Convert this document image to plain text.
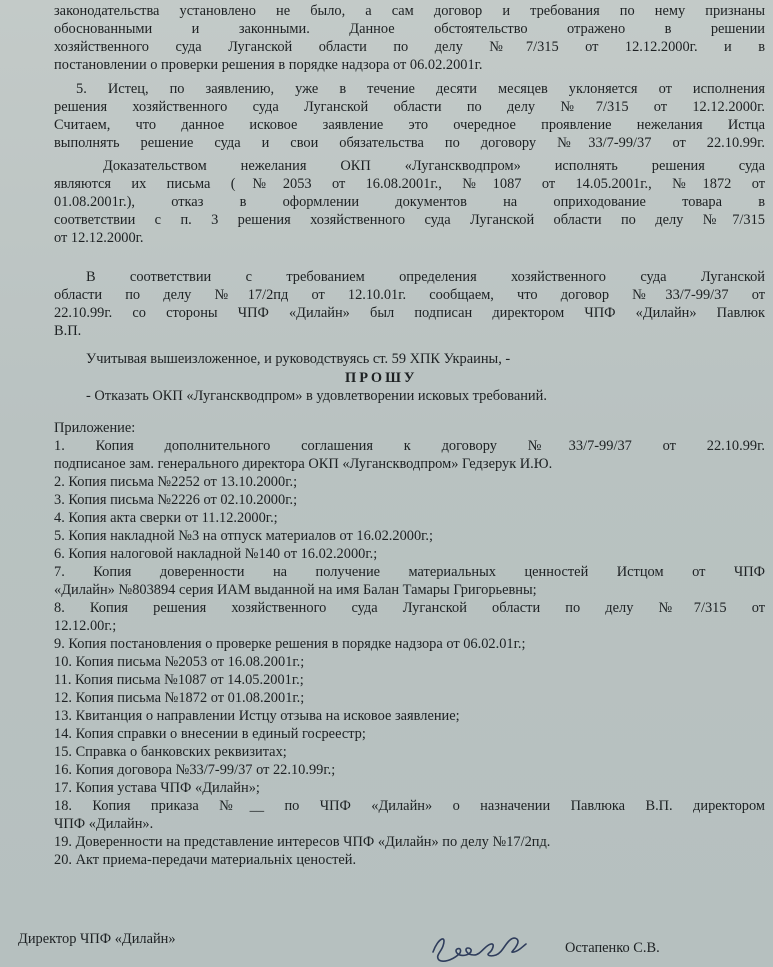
законодательства установлено не было, а сам договор и требования по нему признаны
обоснованными и законными. Данное обстоятельство отражено в решении
хозяйственного суда Луганской области по делу №7/315 от 12.12.2000г. и в
постановлении о проверки решения в порядке надзора от 06.02.2001г.
5. Истец, по заявлению, уже в течение десяти месяцев уклоняется от исполнения
решения хозяйственного суда Луганской области по делу №7/315 от 12.12.2000г.
Считаем, что данное исковое заявление это очередное проявление нежелания Истца
выполнять решение суда и свои обязательства по договору №33/7-99/37 от 22.10.99г.
Доказательством нежелания ОКП «Луганскводпром» исполнять решения суда
являются их письма (№2053 от 16.08.2001г., №1087 от 14.05.2001г., №1872 от
01.08.2001г.), отказ в оформлении документов на оприходование товара в
соответствии с п. 3 решения хозяйственного суда Луганской области по делу №7/315
от 12.12.2000г.
В соответствии с требованием определения хозяйственного суда Луганской
области по делу №17/2пд от 12.10.01г. сообщаем, что договор №33/7-99/37 от
22.10.99г. со стороны ЧПФ «Дилайн» был подписан директором ЧПФ «Дилайн» Павлюк
В.П.
Учитывая вышеизложенное, и руководствуясь ст. 59 ХПК Украины, -
ПРОШУ
- Отказать ОКП «Луганскводпром» в удовлетворении исковых требований.
Приложение:
1. Копия дополнительного соглашения к договору №33/7-99/37 от 22.10.99г.
подписаное зам. генерального директора ОКП «Луганскводпром» Гедзерук И.Ю.
2. Копия письма №2252 от 13.10.2000г.;
3. Копия письма №2226 от 02.10.2000г.;
4. Копия акта сверки от 11.12.2000г.;
5. Копия накладной №3 на отпуск материалов от 16.02.2000г.;
6. Копия налоговой накладной №140 от 16.02.2000г.;
7. Копия доверенности на получение материальных ценностей Истцом от ЧПФ
«Дилайн» №803894 серия ИАМ выданной на имя Балан Тамары Григорьевны;
8. Копия решения хозяйственного суда Луганской области по делу №7/315 от
12.12.00г.;
9. Копия постановления о проверке решения в порядке надзора от 06.02.01г.;
10. Копия письма №2053 от 16.08.2001г.;
11. Копия письма №1087 от 14.05.2001г.;
12. Копия письма №1872 от 01.08.2001г.;
13. Квитанция о направлении Истцу отзыва на исковое заявление;
14. Копия справки о внесении в единый госреестр;
15. Справка о банковских реквизитах;
16. Копия договора №33/7-99/37 от 22.10.99г.;
17. Копия устава ЧПФ «Дилайн»;
18. Копия приказа №__ по ЧПФ «Дилайн» о назначении Павлюка В.П. директором
ЧПФ «Дилайн».
19. Доверенности на представление интересов ЧПФ «Дилайн» по делу №17/2пд.
20. Акт приема-передачи материальніх ценостей.
Директор ЧПФ «Дилайн»
Остапенко С.В.
